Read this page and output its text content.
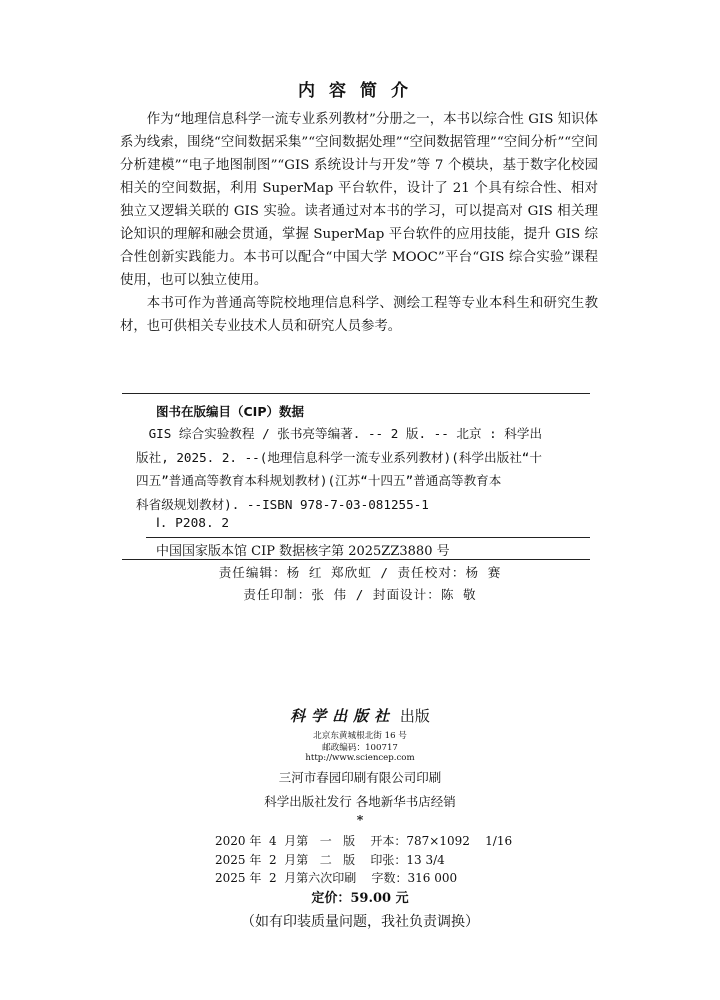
内容简介

作为“地理信息科学一流专业系列教材”分册之一，本书以综合性 GIS 知识体系为线索，围绕“空间数据采集”“空间数据处理”“空间数据管理”“空间分析”“空间分析建模”“电子地图制图”“GIS 系统设计与开发”等 7 个模块，基于数字化校园相关的空间数据，利用 SuperMap 平台软件，设计了 21 个具有综合性、相对独立又逻辑关联的 GIS 实验。读者通过对本书的学习，可以提高对 GIS 相关理论知识的理解和融会贯通，掌握 SuperMap 平台软件的应用技能，提升 GIS 综合性创新实践能力。本书可以配合“中国大学 MOOC”平台“GIS 综合实验”课程使用，也可以独立使用。

本书可作为普通高等院校地理信息科学、测绘工程等专业本科生和研究生教材，也可供相关专业技术人员和研究人员参考。

图书在版编目（CIP）数据
GIS 综合实验教程 / 张书亮等编著. -- 2 版. -- 北京 : 科学出
版社, 2025. 2. --(地理信息科学一流专业系列教材)(科学出版社“十
四五”普通高等教育本科规划教材)(江苏“十四五”普通高等教育本
科省级规划教材). --ISBN 978-7-03-081255-1
Ⅰ. P208. 2
中国国家版本馆 CIP 数据核字第 2025ZZ3880 号
责任编辑：杨 红 郑欣虹 / 责任校对：杨 赛
责任印制：张 伟 / 封面设计：陈 敬
科学出版社 出版
北京东黄城根北街 16 号
邮政编码：100717
http://www.sciencep.com
三河市春园印刷有限公司印刷
科学出版社发行 各地新华书店经销
*
2020 年  4  月第   一   版    开本：787×1092    1/16
2025 年  2  月第   二   版    印张：13 3/4
2025 年  2  月第六次印刷    字数：316 000
定价：59.00 元
（如有印装质量问题，我社负责调换）
